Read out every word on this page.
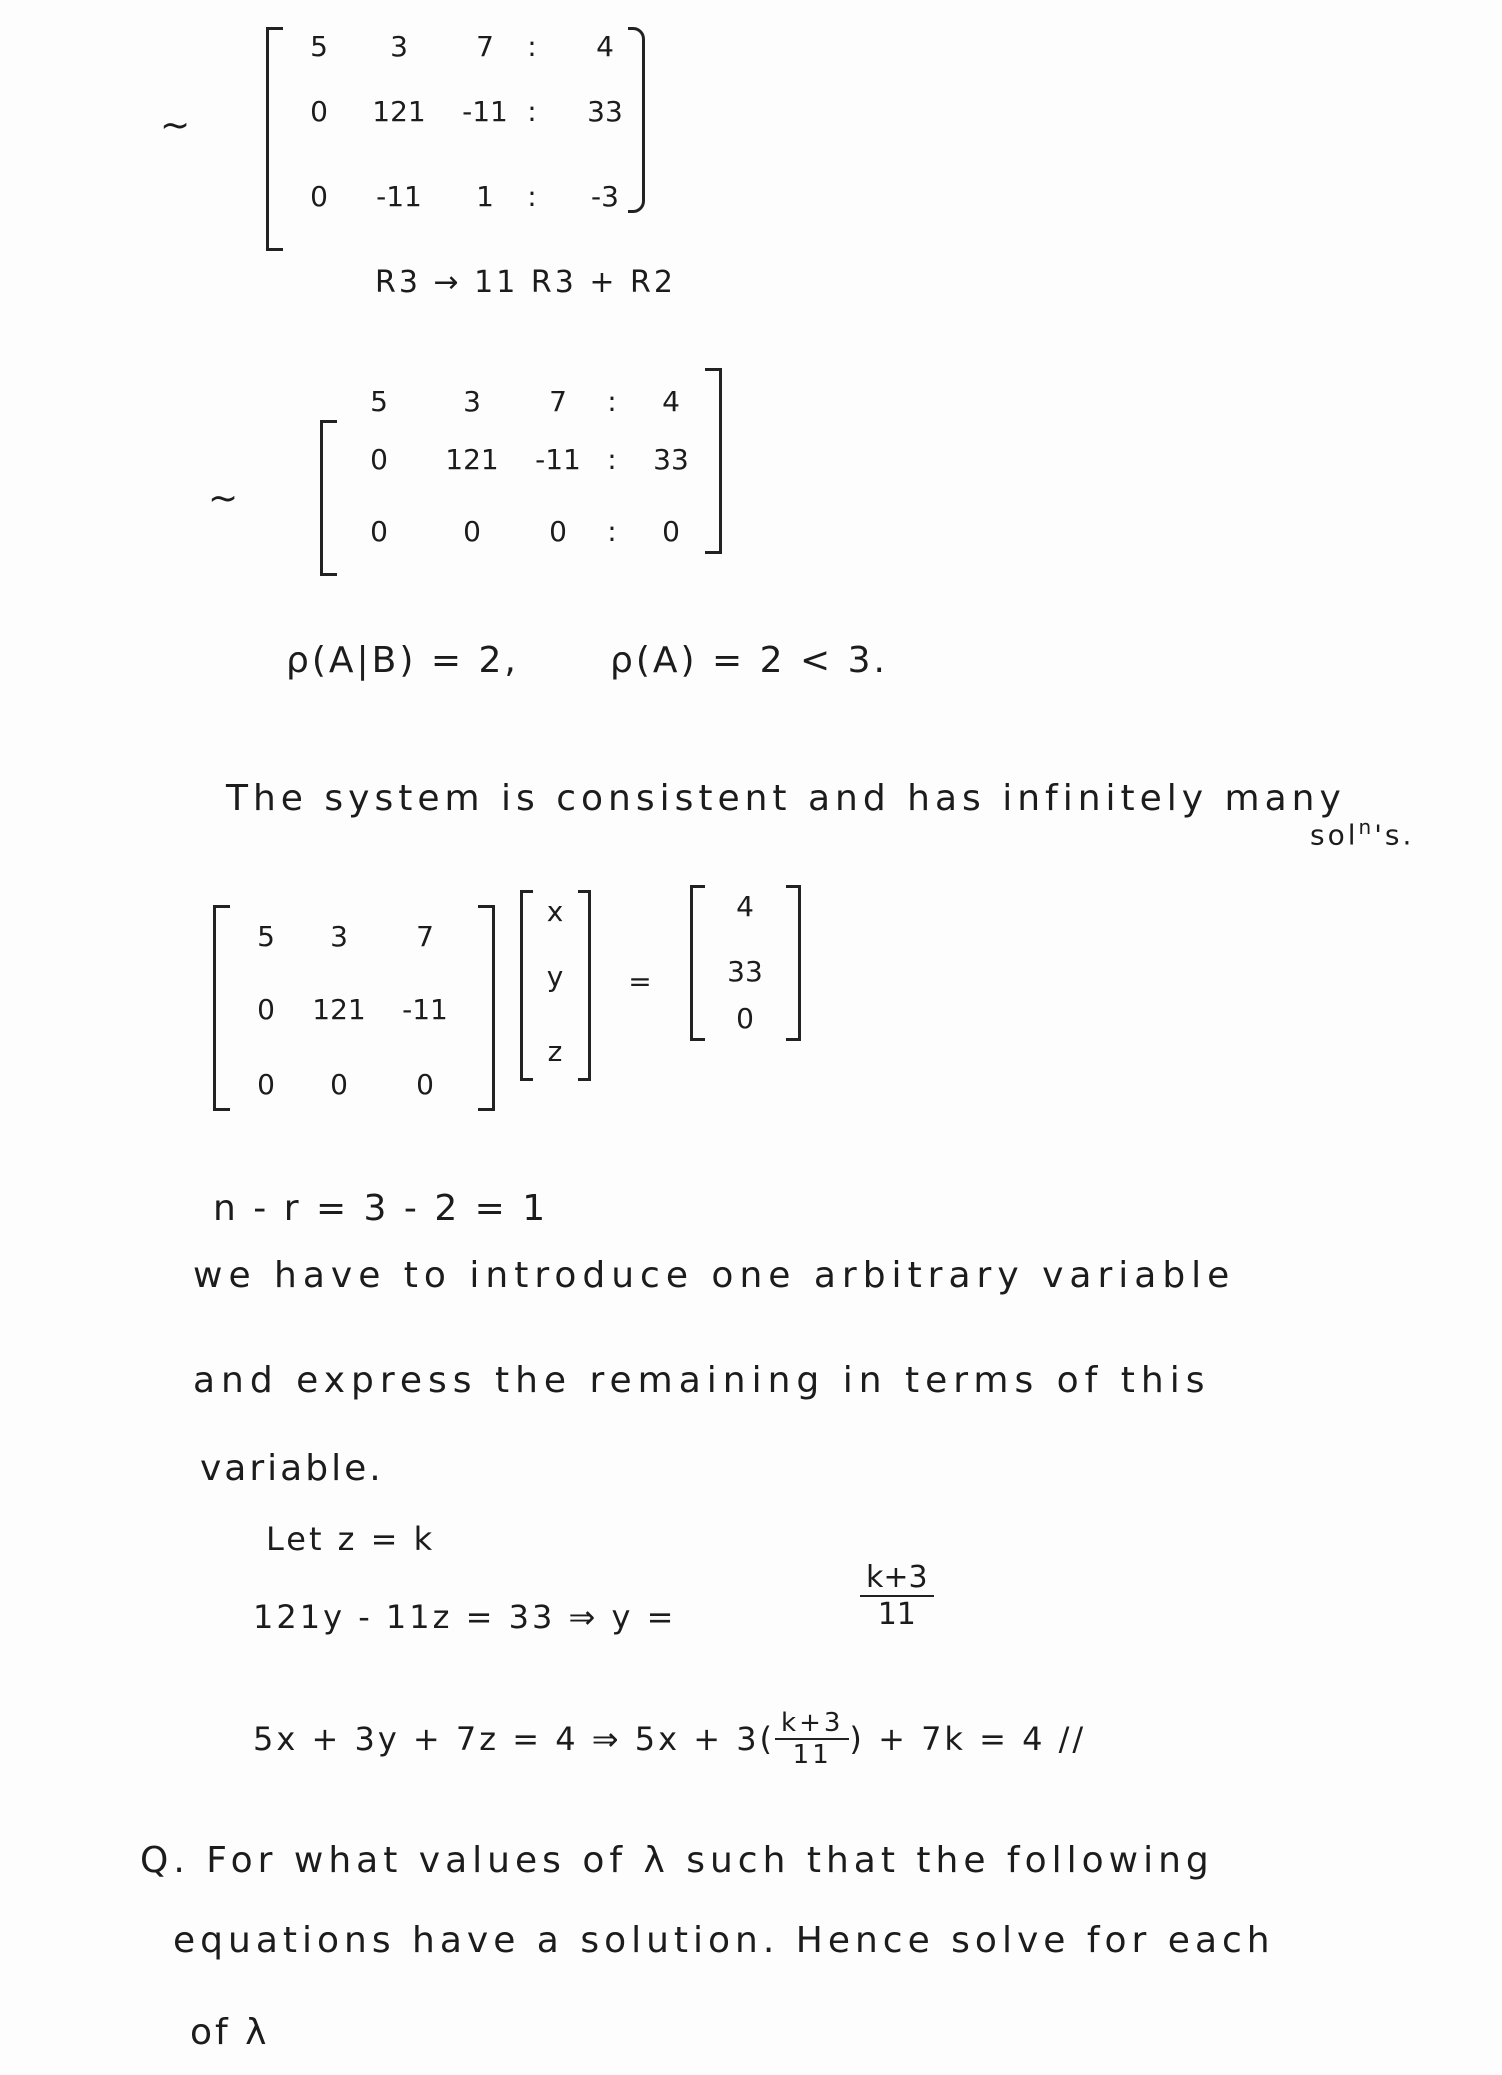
~
R3 → 11 R3 + R2
~
ρ(A|B) = 2,	ρ(A) = 2 < 3.
The system is consistent and has infinitely many
sol$^n$'s.
=
n - r = 3 - 2 = 1
we have to introduce one arbitrary variable
and express the remaining in terms of this
variable.
Let z = k
121y - 11z = 33 ⇒ y =	$\frac{k+3}{11}$
5x + 3y + 7z = 4 ⇒ $5x + 3( \frac{k+3}{11}$ ) + 7k = 4 //
Q. For what values of λ such that the following
equations have a solution. Hence solve for each
of λ
5	3	7	:	4
0	121	-11 :	33
0	-11	1	:	-3
5	3	7	:	4
0	121	-11 :	33
0	0	0	:	0
5	3	7
0	121	-11
0	0	0
x
y
z
4
33
0
